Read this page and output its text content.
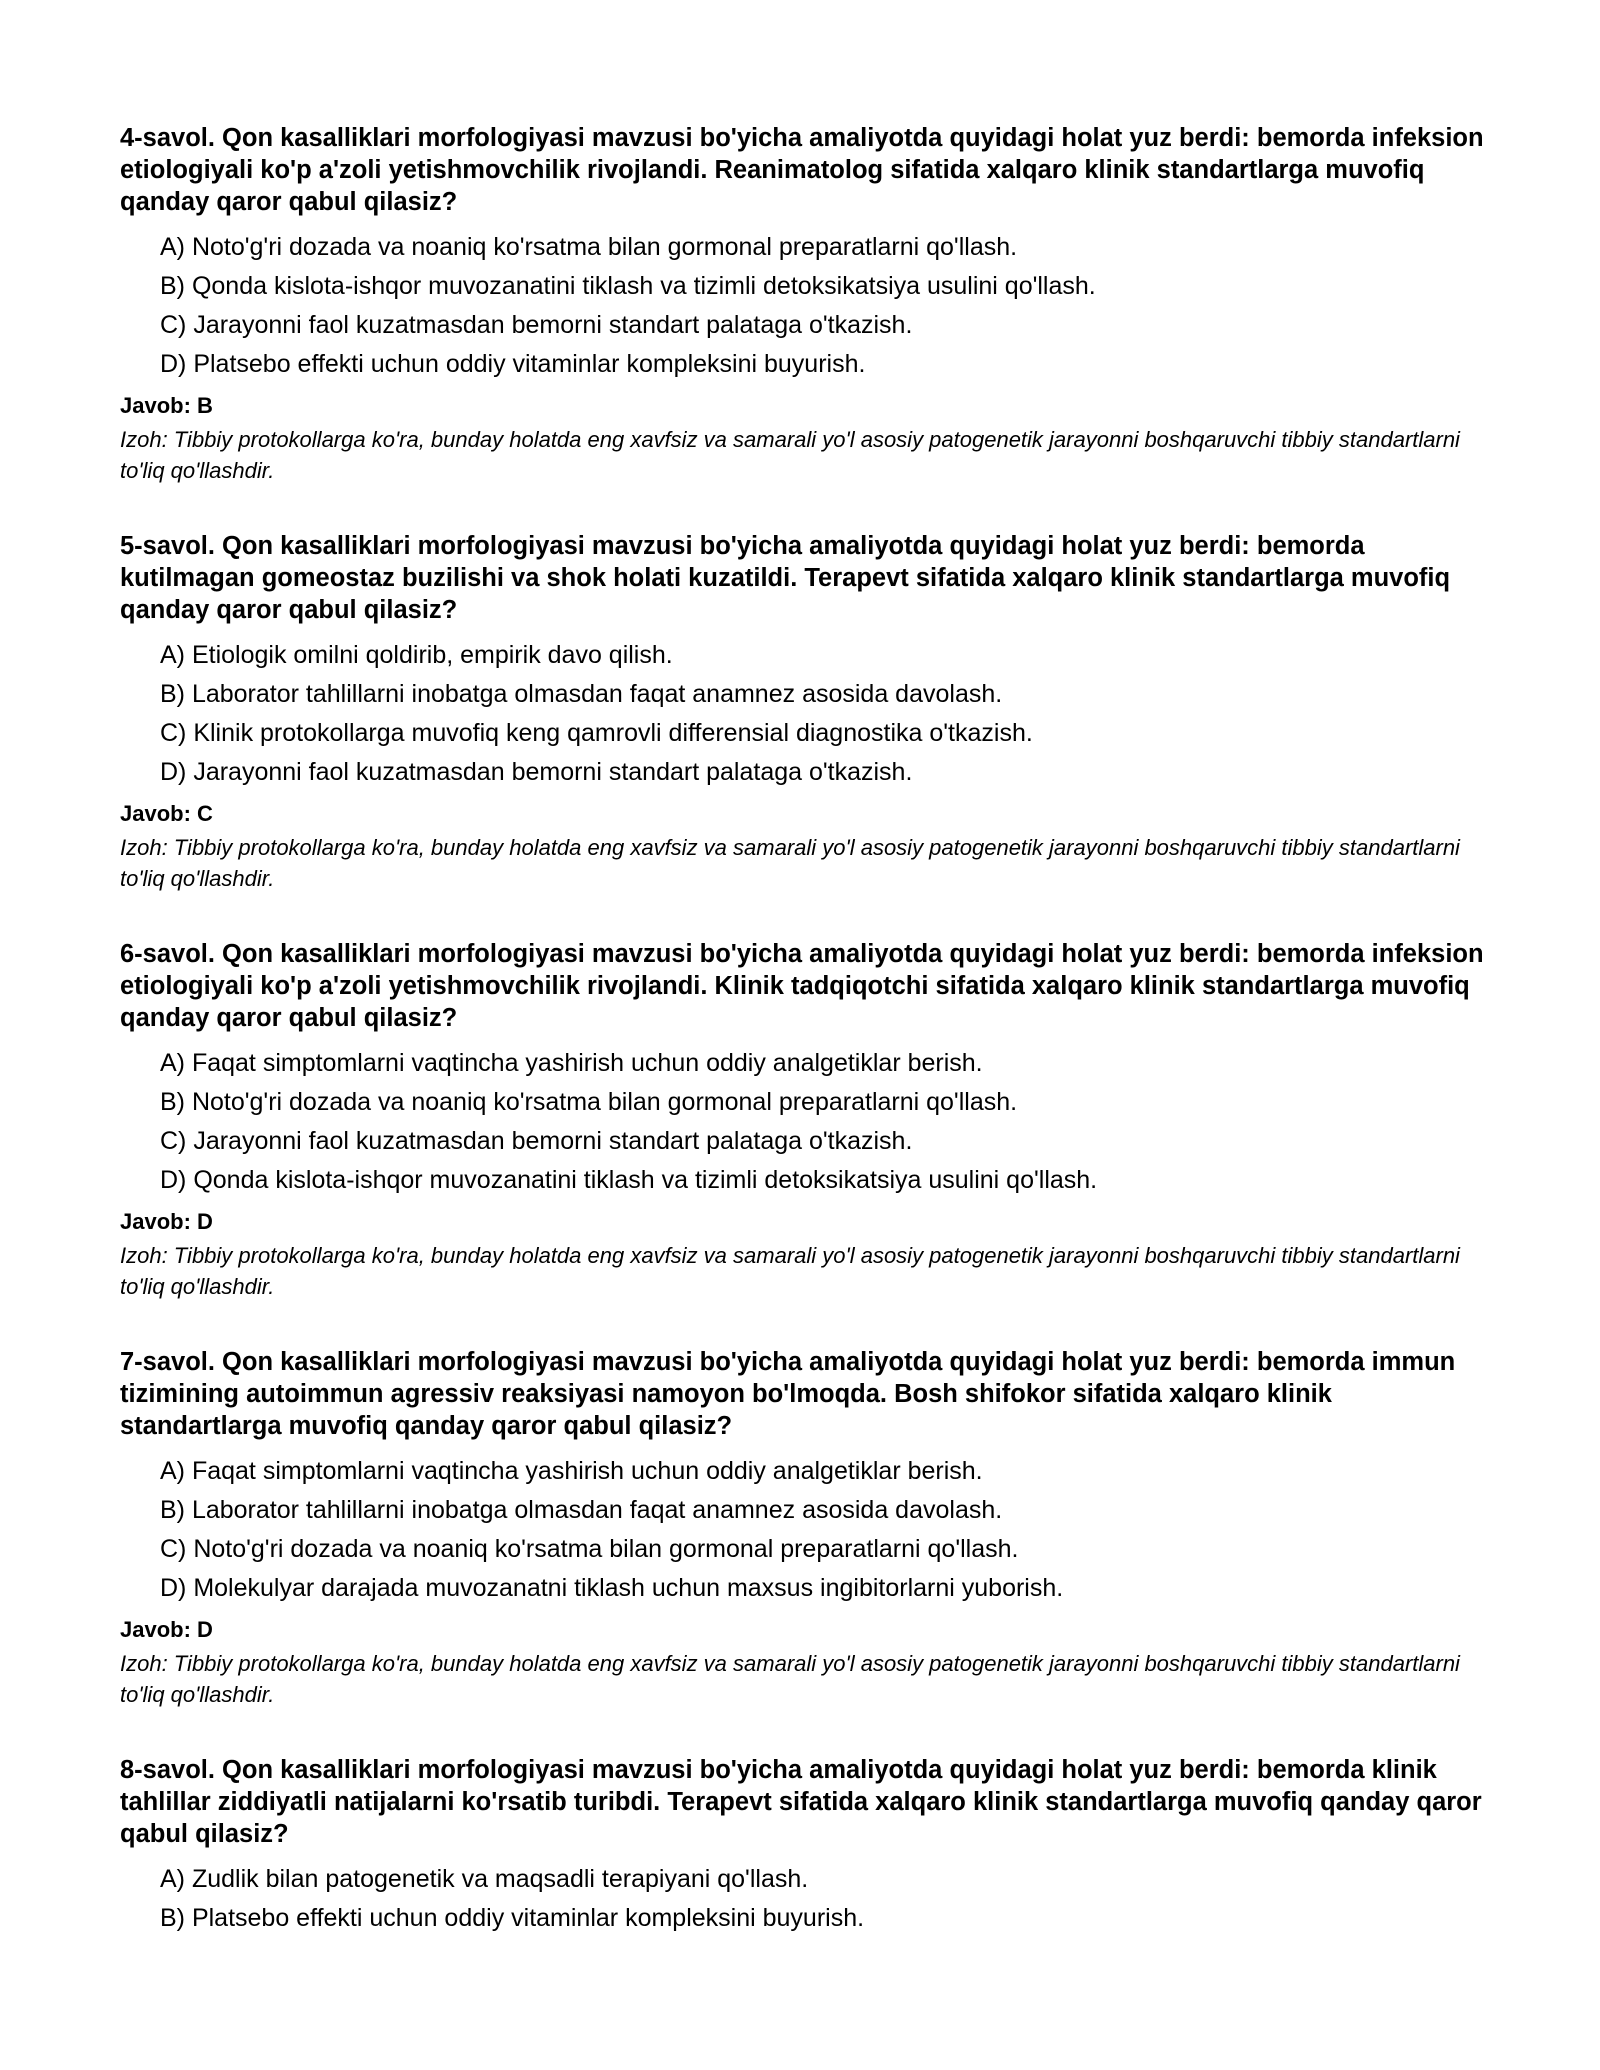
4-savol. Qon kasalliklari morfologiyasi mavzusi bo'yicha amaliyotda quyidagi holat yuz berdi: bemorda infeksion etiologiyali ko'p a'zoli yetishmovchilik rivojlandi. Reanimatolog sifatida xalqaro klinik standartlarga muvofiq qanday qaror qabul qilasiz?

A) Noto'g'ri dozada va noaniq ko'rsatma bilan gormonal preparatlarni qo'llash.
B) Qonda kislota-ishqor muvozanatini tiklash va tizimli detoksikatsiya usulini qo'llash.
C) Jarayonni faol kuzatmasdan bemorni standart palataga o'tkazish.
D) Platsebo effekti uchun oddiy vitaminlar kompleksini buyurish.

Javob: B

Izoh: Tibbiy protokollarga ko'ra, bunday holatda eng xavfsiz va samarali yo'l asosiy patogenetik jarayonni boshqaruvchi tibbiy standartlarni to'liq qo'llashdir.

5-savol. Qon kasalliklari morfologiyasi mavzusi bo'yicha amaliyotda quyidagi holat yuz berdi: bemorda kutilmagan gomeostaz buzilishi va shok holati kuzatildi. Terapevt sifatida xalqaro klinik standartlarga muvofiq qanday qaror qabul qilasiz?

A) Etiologik omilni qoldirib, empirik davo qilish.
B) Laborator tahlillarni inobatga olmasdan faqat anamnez asosida davolash.
C) Klinik protokollarga muvofiq keng qamrovli differensial diagnostika o'tkazish.
D) Jarayonni faol kuzatmasdan bemorni standart palataga o'tkazish.

Javob: C

Izoh: Tibbiy protokollarga ko'ra, bunday holatda eng xavfsiz va samarali yo'l asosiy patogenetik jarayonni boshqaruvchi tibbiy standartlarni to'liq qo'llashdir.

6-savol. Qon kasalliklari morfologiyasi mavzusi bo'yicha amaliyotda quyidagi holat yuz berdi: bemorda infeksion etiologiyali ko'p a'zoli yetishmovchilik rivojlandi. Klinik tadqiqotchi sifatida xalqaro klinik standartlarga muvofiq qanday qaror qabul qilasiz?

A) Faqat simptomlarni vaqtincha yashirish uchun oddiy analgetiklar berish.
B) Noto'g'ri dozada va noaniq ko'rsatma bilan gormonal preparatlarni qo'llash.
C) Jarayonni faol kuzatmasdan bemorni standart palataga o'tkazish.
D) Qonda kislota-ishqor muvozanatini tiklash va tizimli detoksikatsiya usulini qo'llash.

Javob: D

Izoh: Tibbiy protokollarga ko'ra, bunday holatda eng xavfsiz va samarali yo'l asosiy patogenetik jarayonni boshqaruvchi tibbiy standartlarni to'liq qo'llashdir.

7-savol. Qon kasalliklari morfologiyasi mavzusi bo'yicha amaliyotda quyidagi holat yuz berdi: bemorda immun tizimining autoimmun agressiv reaksiyasi namoyon bo'lmoqda. Bosh shifokor sifatida xalqaro klinik standartlarga muvofiq qanday qaror qabul qilasiz?

A) Faqat simptomlarni vaqtincha yashirish uchun oddiy analgetiklar berish.
B) Laborator tahlillarni inobatga olmasdan faqat anamnez asosida davolash.
C) Noto'g'ri dozada va noaniq ko'rsatma bilan gormonal preparatlarni qo'llash.
D) Molekulyar darajada muvozanatni tiklash uchun maxsus ingibitorlarni yuborish.

Javob: D

Izoh: Tibbiy protokollarga ko'ra, bunday holatda eng xavfsiz va samarali yo'l asosiy patogenetik jarayonni boshqaruvchi tibbiy standartlarni to'liq qo'llashdir.

8-savol. Qon kasalliklari morfologiyasi mavzusi bo'yicha amaliyotda quyidagi holat yuz berdi: bemorda klinik tahlillar ziddiyatli natijalarni ko'rsatib turibdi. Terapevt sifatida xalqaro klinik standartlarga muvofiq qanday qaror qabul qilasiz?

A) Zudlik bilan patogenetik va maqsadli terapiyani qo'llash.
B) Platsebo effekti uchun oddiy vitaminlar kompleksini buyurish.
